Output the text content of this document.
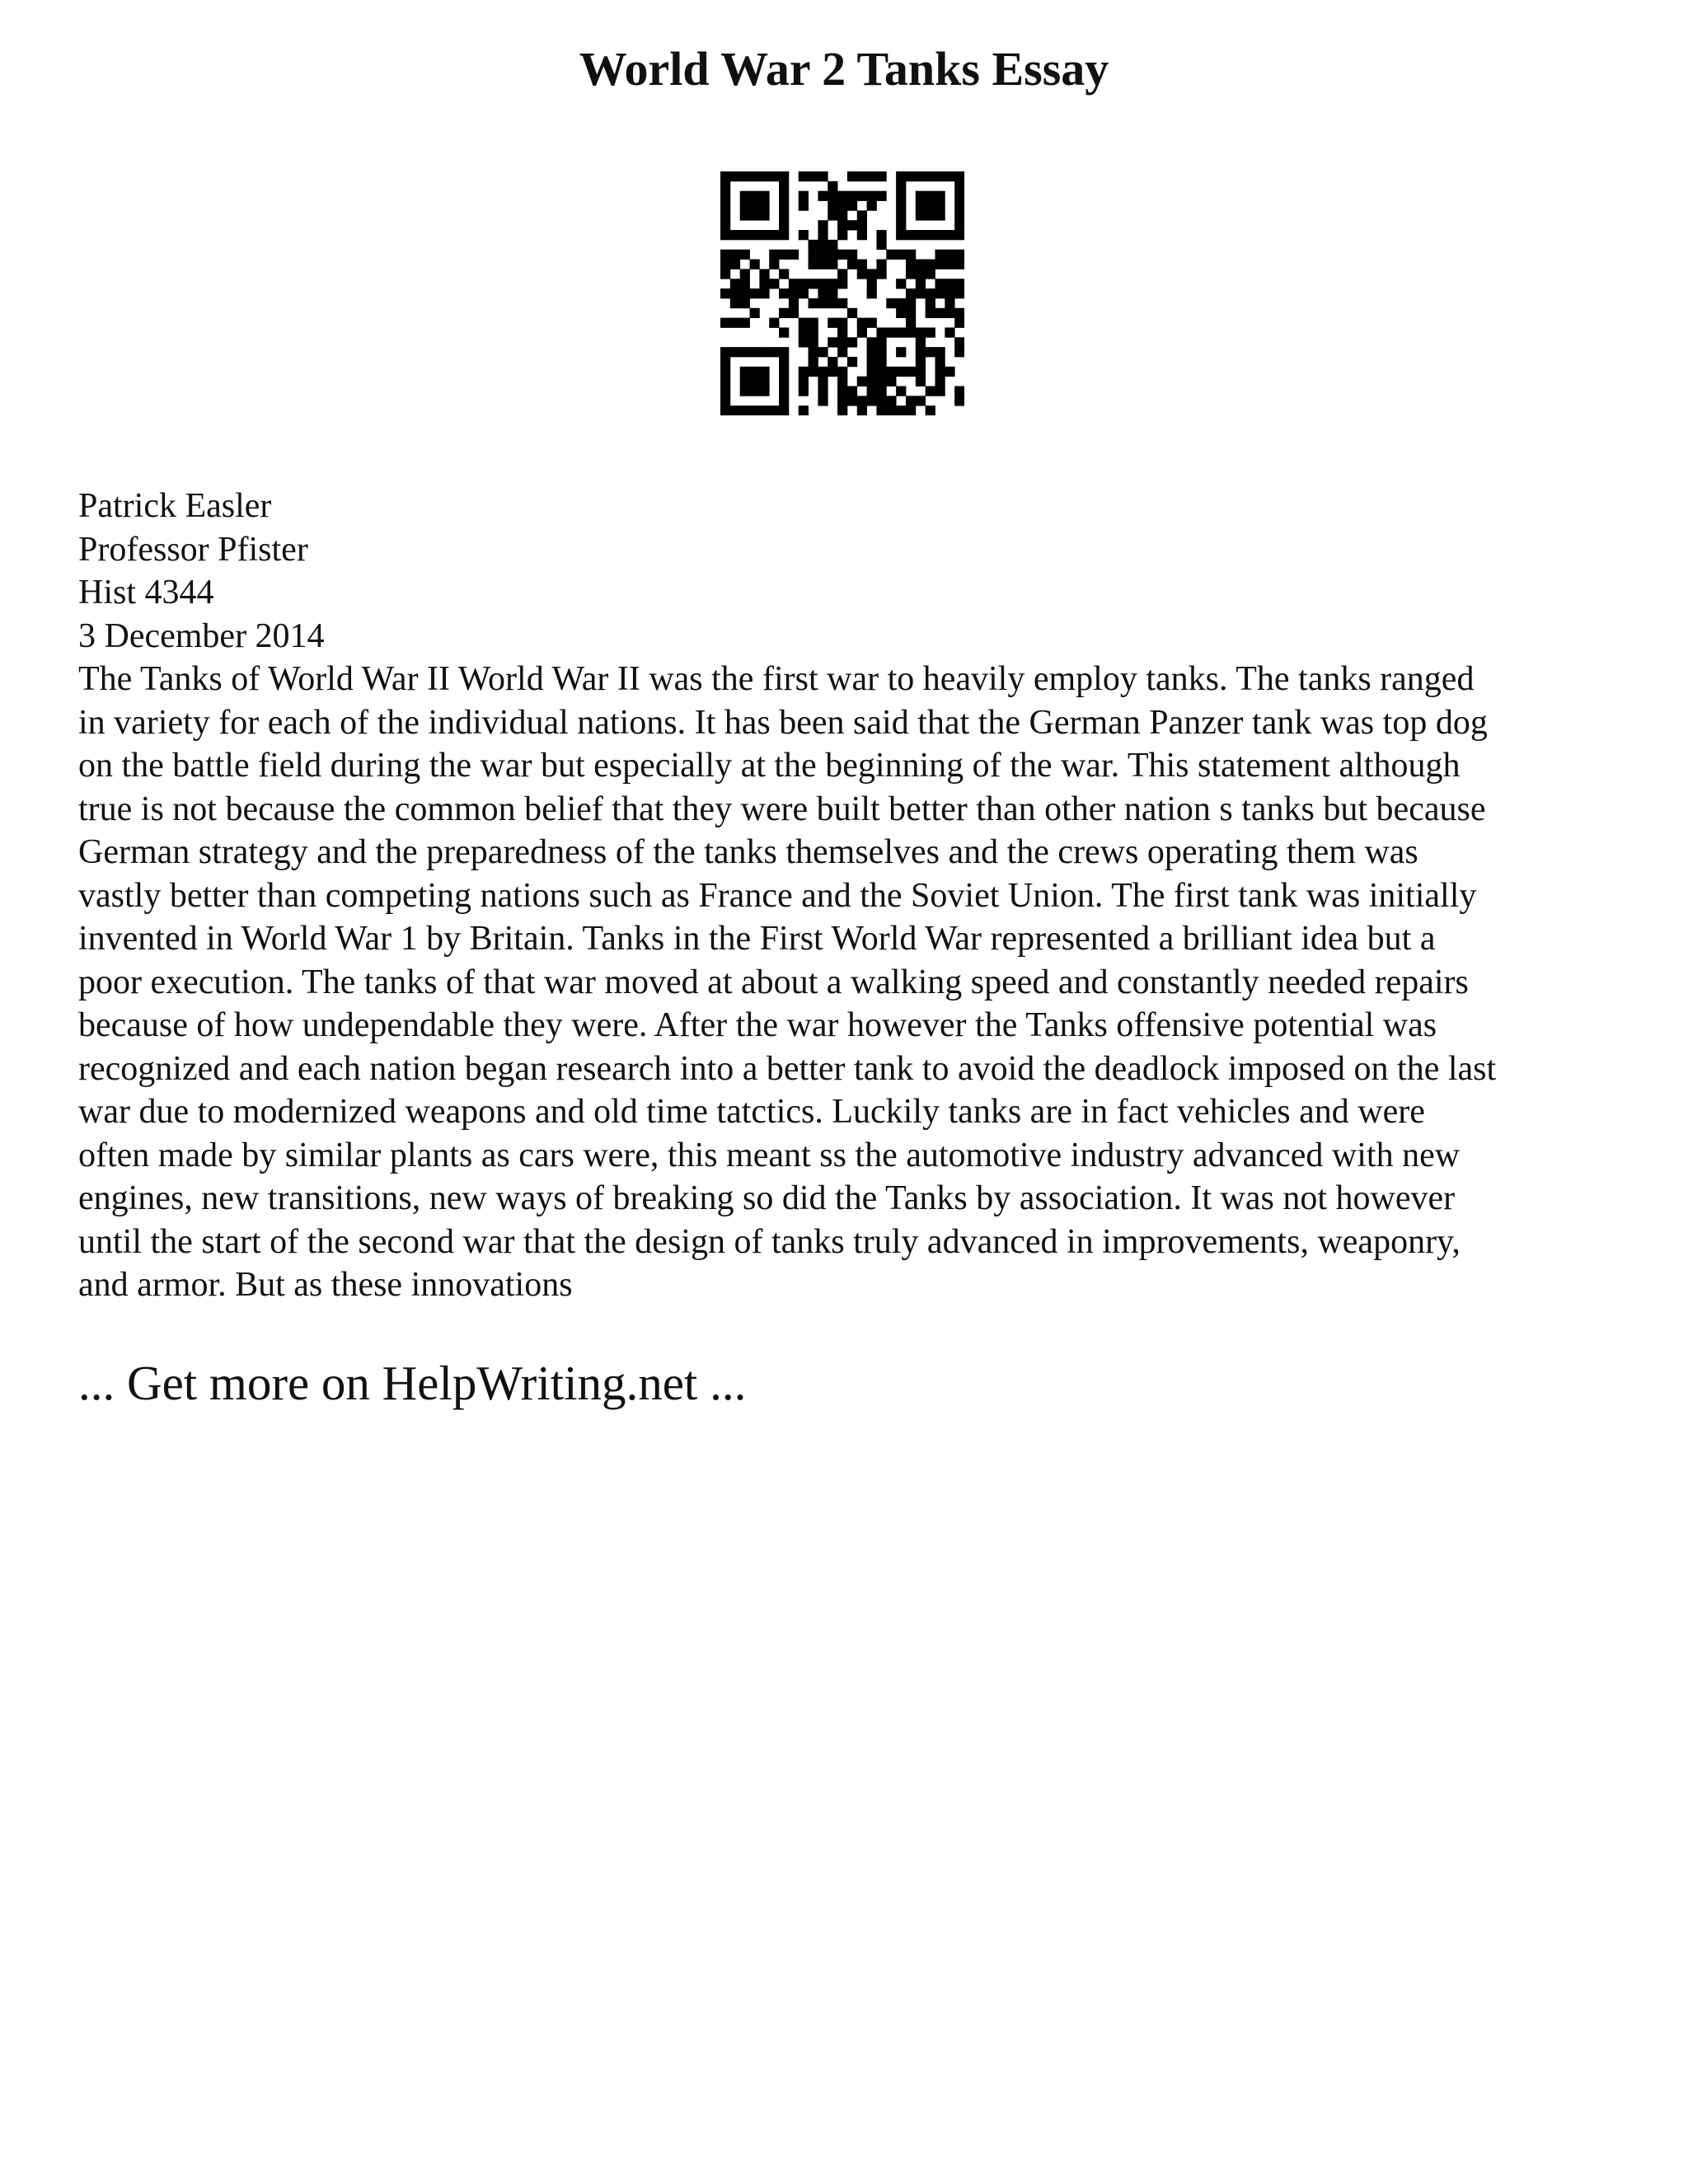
World War 2 Tanks Essay
Patrick Easler
Professor Pfister
Hist 4344
3 December 2014

The Tanks of World War II World War II was the first war to heavily employ tanks. The tanks ranged
in variety for each of the individual nations. It has been said that the German Panzer tank was top dog
on the battle field during the war but especially at the beginning of the war. This statement although
true is not because the common belief that they were built better than other nation s tanks but because
German strategy and the preparedness of the tanks themselves and the crews operating them was
vastly better than competing nations such as France and the Soviet Union. The first tank was initially
invented in World War 1 by Britain. Tanks in the First World War represented a brilliant idea but a
poor execution. The tanks of that war moved at about a walking speed and constantly needed repairs
because of how undependable they were. After the war however the Tanks offensive potential was
recognized and each nation began research into a better tank to avoid the deadlock imposed on the last
war due to modernized weapons and old time tatctics. Luckily tanks are in fact vehicles and were
often made by similar plants as cars were, this meant ss the automotive industry advanced with new
engines, new transitions, new ways of breaking so did the Tanks by association. It was not however
until the start of the second war that the design of tanks truly advanced in improvements, weaponry,
and armor. But as these innovations

... Get more on HelpWriting.net ...
